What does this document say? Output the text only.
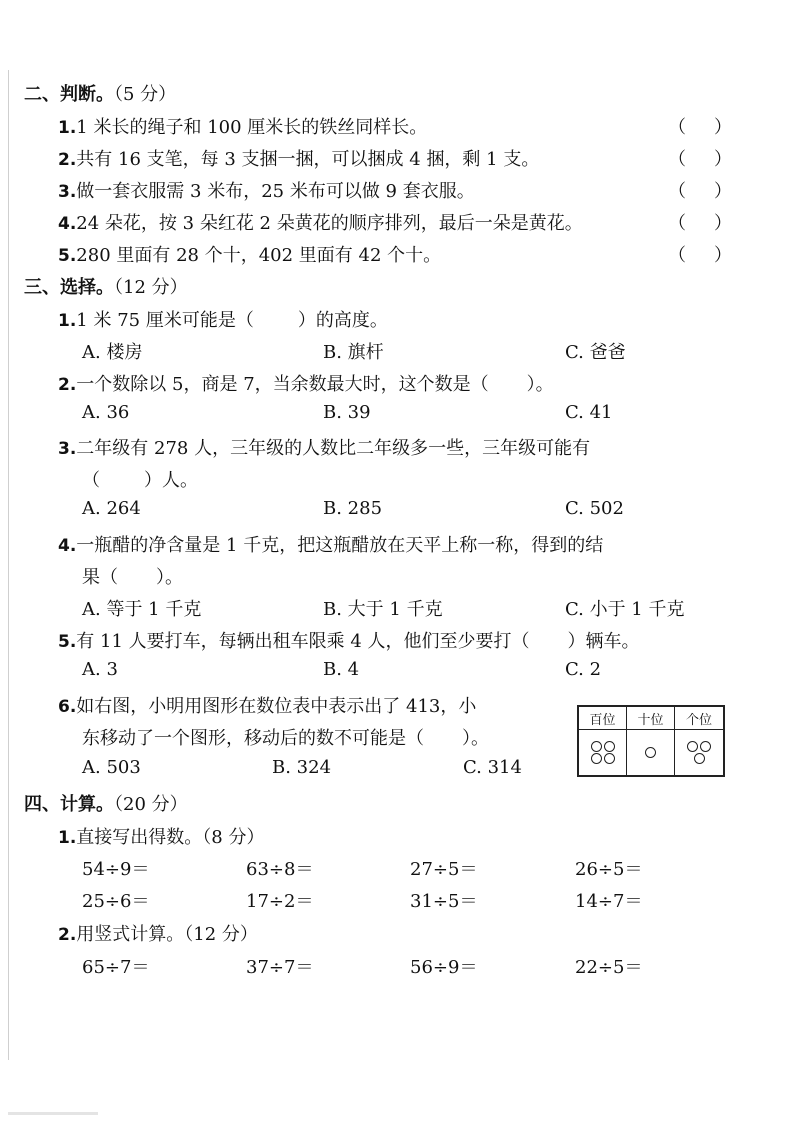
二、判断。（5 分）
1.1 米长的绳子和 100 厘米长的铁丝同样长。	（ ）
2.共有 16 支笔，每 3 支捆一捆，可以捆成 4 捆，剩 1 支。	（ ）
3.做一套衣服需 3 米布，25 米布可以做 9 套衣服。	（ ）
4.24 朵花，按 3 朵红花 2 朵黄花的顺序排列，最后一朵是黄花。	（ ）
5.280 里面有 28 个十，402 里面有 42 个十。	（ ）
三、选择。（12 分）
1.1 米 75 厘米可能是（ ）的高度。
A. 楼房	B. 旗杆	C. 爸爸
2.一个数除以 5，商是 7，当余数最大时，这个数是（ ）。
A. 36	B. 39	C. 41
3.二年级有 278 人，三年级的人数比二年级多一些，三年级可能有
（ ）人。
A. 264	B. 285	C. 502
4.一瓶醋的净含量是 1 千克，把这瓶醋放在天平上称一称，得到的结
果（ ）。
A. 等于 1 千克	B. 大于 1 千克	C. 小于 1 千克
5.有 11 人要打车，每辆出租车限乘 4 人，他们至少要打（ ）辆车。
A. 3	B. 4	C. 2
6.如右图，小明用图形在数位表中表示出了 413，小
东移动了一个图形，移动后的数不可能是（ ）。
A. 503	B. 324	C. 314
百位	十位	个位
四、计算。（20 分）
1.直接写出得数。（8 分）
54÷9＝	63÷8＝	27÷5＝	26÷5＝
25÷6＝	17÷2＝	31÷5＝	14÷7＝
2.用竖式计算。（12 分）
65÷7＝	37÷7＝	56÷9＝	22÷5＝
